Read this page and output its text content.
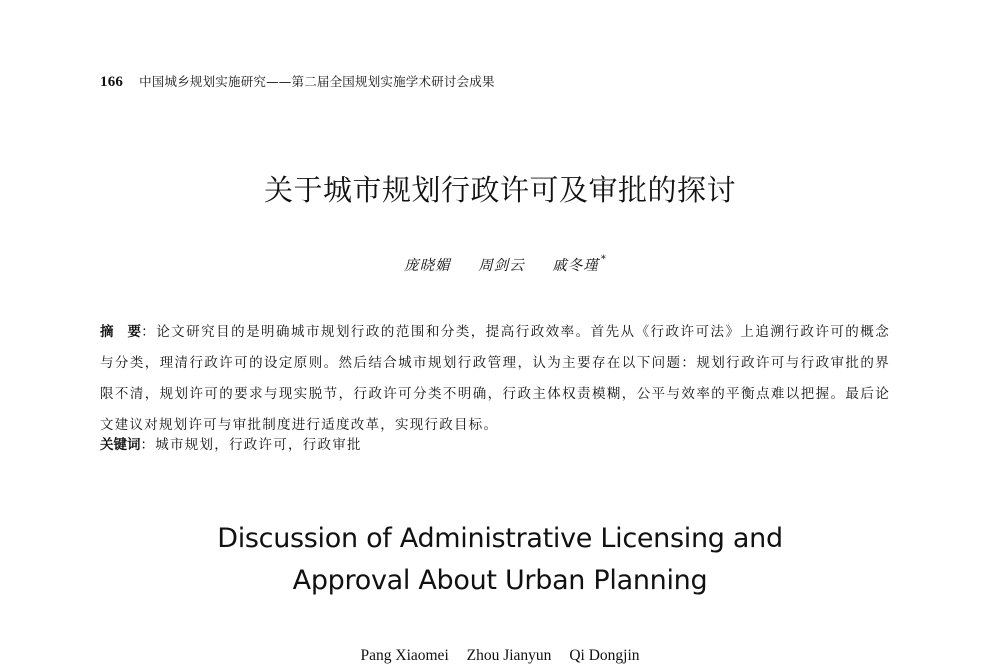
166 中国城乡规划实施研究——第二届全国规划实施学术研讨会成果
关于城市规划行政许可及审批的探讨
庞晓媚 周剑云 戚冬瑾 *
摘　要：论文研究目的是明确城市规划行政的范围和分类，提高行政效率。首先从《行政许可法》上追溯行政许可的概念与分类，理清行政许可的设定原则。然后结合城市规划行政管理，认为主要存在以下问题：规划行政许可与行政审批的界限不清，规划许可的要求与现实脱节，行政许可分类不明确，行政主体权责模糊，公平与效率的平衡点难以把握。最后论文建议对规划许可与审批制度进行适度改革，实现行政目标。
关键词：城市规划，行政许可，行政审批
Discussion of Administrative Licensing and
Approval About Urban Planning
Pang Xiaomei Zhou Jianyun Qi Dongjin
